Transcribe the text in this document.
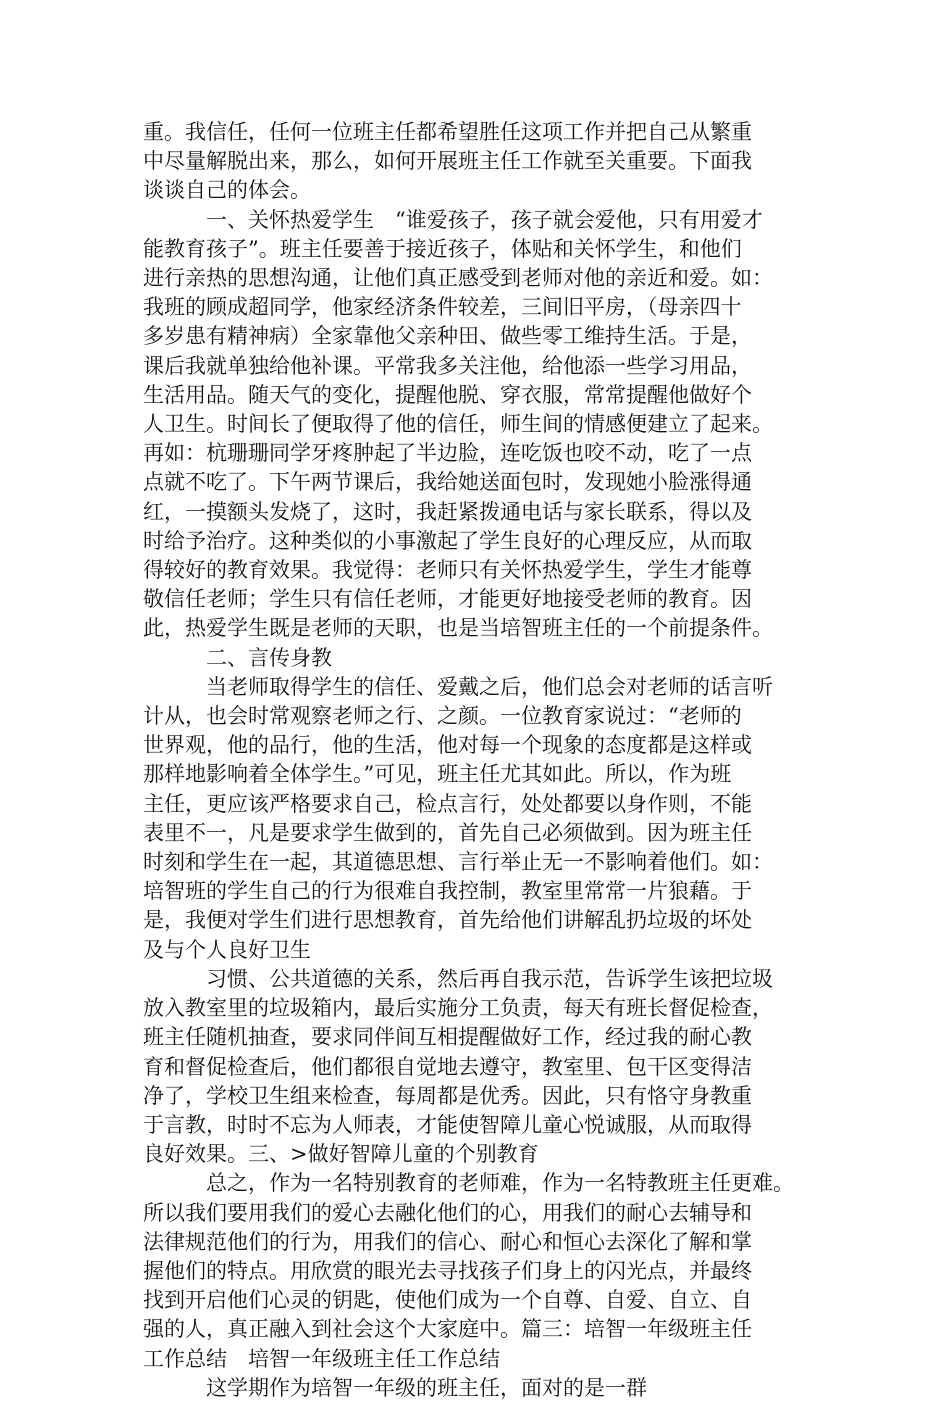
重。我信任，任何一位班主任都希望胜任这项工作并把自己从繁重
中尽量解脱出来，那么，如何开展班主任工作就至关重要。下面我
谈谈自己的体会。
　　　一、关怀热爱学生　“谁爱孩子，孩子就会爱他，只有用爱才
能教育孩子”。班主任要善于接近孩子，体贴和关怀学生，和他们
进行亲热的思想沟通，让他们真正感受到老师对他的亲近和爱。如：
我班的顾成超同学，他家经济条件较差，三间旧平房，（母亲四十
多岁患有精神病）全家靠他父亲种田、做些零工维持生活。于是，
课后我就单独给他补课。平常我多关注他，给他添一些学习用品，
生活用品。随天气的变化，提醒他脱、穿衣服，常常提醒他做好个
人卫生。时间长了便取得了他的信任，师生间的情感便建立了起来。
再如：杭珊珊同学牙疼肿起了半边脸，连吃饭也咬不动，吃了一点
点就不吃了。下午两节课后，我给她送面包时，发现她小脸涨得通
红，一摸额头发烧了，这时，我赶紧拨通电话与家长联系，得以及
时给予治疗。这种类似的小事激起了学生良好的心理反应，从而取
得较好的教育效果。我觉得：老师只有关怀热爱学生，学生才能尊
敬信任老师；学生只有信任老师，才能更好地接受老师的教育。因
此，热爱学生既是老师的天职，也是当培智班主任的一个前提条件。
　　　二、言传身教
　　　当老师取得学生的信任、爱戴之后，他们总会对老师的话言听
计从，也会时常观察老师之行、之颜。一位教育家说过：“老师的
世界观，他的品行，他的生活，他对每一个现象的态度都是这样或
那样地影响着全体学生。”可见，班主任尤其如此。所以，作为班
主任，更应该严格要求自己，检点言行，处处都要以身作则，不能
表里不一，凡是要求学生做到的，首先自己必须做到。因为班主任
时刻和学生在一起，其道德思想、言行举止无一不影响着他们。如：
培智班的学生自己的行为很难自我控制，教室里常常一片狼藉。于
是，我便对学生们进行思想教育，首先给他们讲解乱扔垃圾的坏处
及与个人良好卫生
　　　习惯、公共道德的关系，然后再自我示范，告诉学生该把垃圾
放入教室里的垃圾箱内，最后实施分工负责，每天有班长督促检查，
班主任随机抽查，要求同伴间互相提醒做好工作，经过我的耐心教
育和督促检查后，他们都很自觉地去遵守，教室里、包干区变得洁
净了，学校卫生组来检查，每周都是优秀。因此，只有恪守身教重
于言教，时时不忘为人师表，才能使智障儿童心悦诚服，从而取得
良好效果。三、>做好智障儿童的个别教育
　　　总之，作为一名特别教育的老师难，作为一名特教班主任更难。
所以我们要用我们的爱心去融化他们的心，用我们的耐心去辅导和
法律规范他们的行为，用我们的信心、耐心和恒心去深化了解和掌
握他们的特点。用欣赏的眼光去寻找孩子们身上的闪光点，并最终
找到开启他们心灵的钥匙，使他们成为一个自尊、自爱、自立、自
强的人，真正融入到社会这个大家庭中。篇三：培智一年级班主任
工作总结　培智一年级班主任工作总结
　　　这学期作为培智一年级的班主任，面对的是一群
